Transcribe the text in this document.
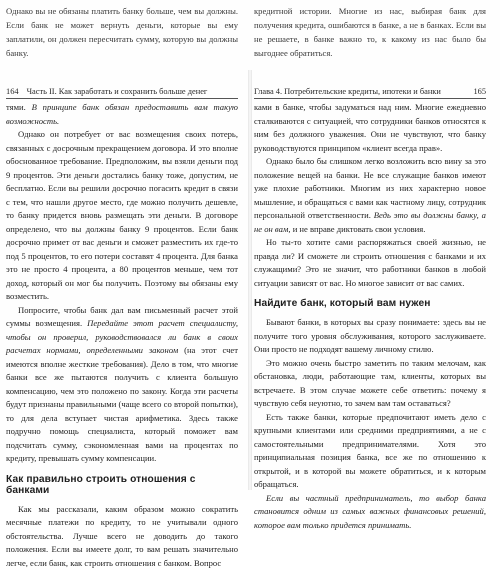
Однако вы не обязаны платить банку больше, чем вы должны. Если банк не может вернуть деньги, которые вы ему заплатили, он должен пересчитать сумму, которую вы должны банку.

164 Часть II. Как заработать и сохранить больше денег

тями. В принципе банк обязан предоставить вам такую возможность.

Однако он потребует от вас возмещения своих потерь, связанных с досрочным прекращением договора. И это вполне обоснованное требование. Предположим, вы взяли деньги под 9 процентов. Эти деньги достались банку тоже, допустим, не бесплатно. Если вы решили досрочно погасить кредит в связи с тем, что нашли другое место, где можно получить дешевле, то банку придется вновь размещать эти деньги. В договоре определено, что вы должны банку 9 процентов. Если банк досрочно примет от вас деньги и сможет разместить их где-то под 5 процентов, то его потери составят 4 процента. Для банка это не просто 4 процента, а 80 процентов меньше, чем тот доход, который он мог бы получить. Поэтому вы обязаны ему возместить.

Попросите, чтобы банк дал вам письменный расчет этой суммы возмещения. Передайте этот расчет специалисту, чтобы он проверил, руководствовался ли банк в своих расчетах нормами, определенными законом (на этот счет имеются вполне жесткие требования). Дело в том, что многие банки все же пытаются получить с клиента большую компенсацию, чем это положено по закону. Когда эти расчеты будут признаны правильными (чаще всего со второй попытки), то для дела вступает чистая арифметика. Здесь также подручно помощь специалиста, который поможет вам подсчитать сумму, сэкономленная вами на процентах по кредиту, превышать сумму компенсации.

Как правильно строить отношения с банками

Как мы рассказали, каким образом можно сократить месячные платежи по кредиту, то не учитывали одного обстоятельства. Лучше всего не доводить до такого положения. Если вы имеете долг, то вам решать значительно легче, если банк, как строить отношения с банком. Вопрос

кредитной истории. Многие из нас, выбирая банк для получения кредита, ошибаются в банке, а не в банках. Если вы не решаете, в банке важно то, к какому из нас было бы выгоднее обратиться.

Глава 4. Потребительские кредиты, ипотеки и банки	165

ками в банке, чтобы задуматься над ним. Многие ежедневно сталкиваются с ситуацией, что сотрудники банков относятся к ним без должного уважения. Они не чувствуют, что банку руководствуются принципом «клиент всегда прав».

Однако было бы слишком легко возложить всю вину за это положение вещей на банки. Не все служащие банков имеют уже плохие работники. Многим из них характерно новое мышление, и обращаться с вами как частному лицу, сотрудник персональной ответственности. Ведь это вы должны банку, а не он вам, и не вправе диктовать свои условия.

Но ты-то хотите сами распоряжаться своей жизнью, не правда ли? И сможете ли строить отношения с банками и их служащими? Это не значит, что работники банков в любой ситуации зависят от вас. Но многое зависит от вас самих.

Найдите банк, который вам нужен

Бывают банки, в которых вы сразу понимаете: здесь вы не получите того уровня обслуживания, которого заслуживаете. Они просто не подходят вашему личному стилю.

Это можно очень быстро заметить по таким мелочам, как обстановка, люди, работающие там, клиенты, которых вы встречаете. В этом случае можете себе ответить: почему я чувствую себя неуютно, то зачем вам там оставаться?

Есть также банки, которые предпочитают иметь дело с крупными клиентами или средними предприятиями, а не с самостоятельными предпринимателями. Хотя это принципиальная позиция банка, все же по отношению к открытой, и в которой вы можете обратиться, и к которым обращаться.

Если вы частный предприниматель, то выбор банка становится одним из самых важных финансовых решений, которое вам только придется принимать.
